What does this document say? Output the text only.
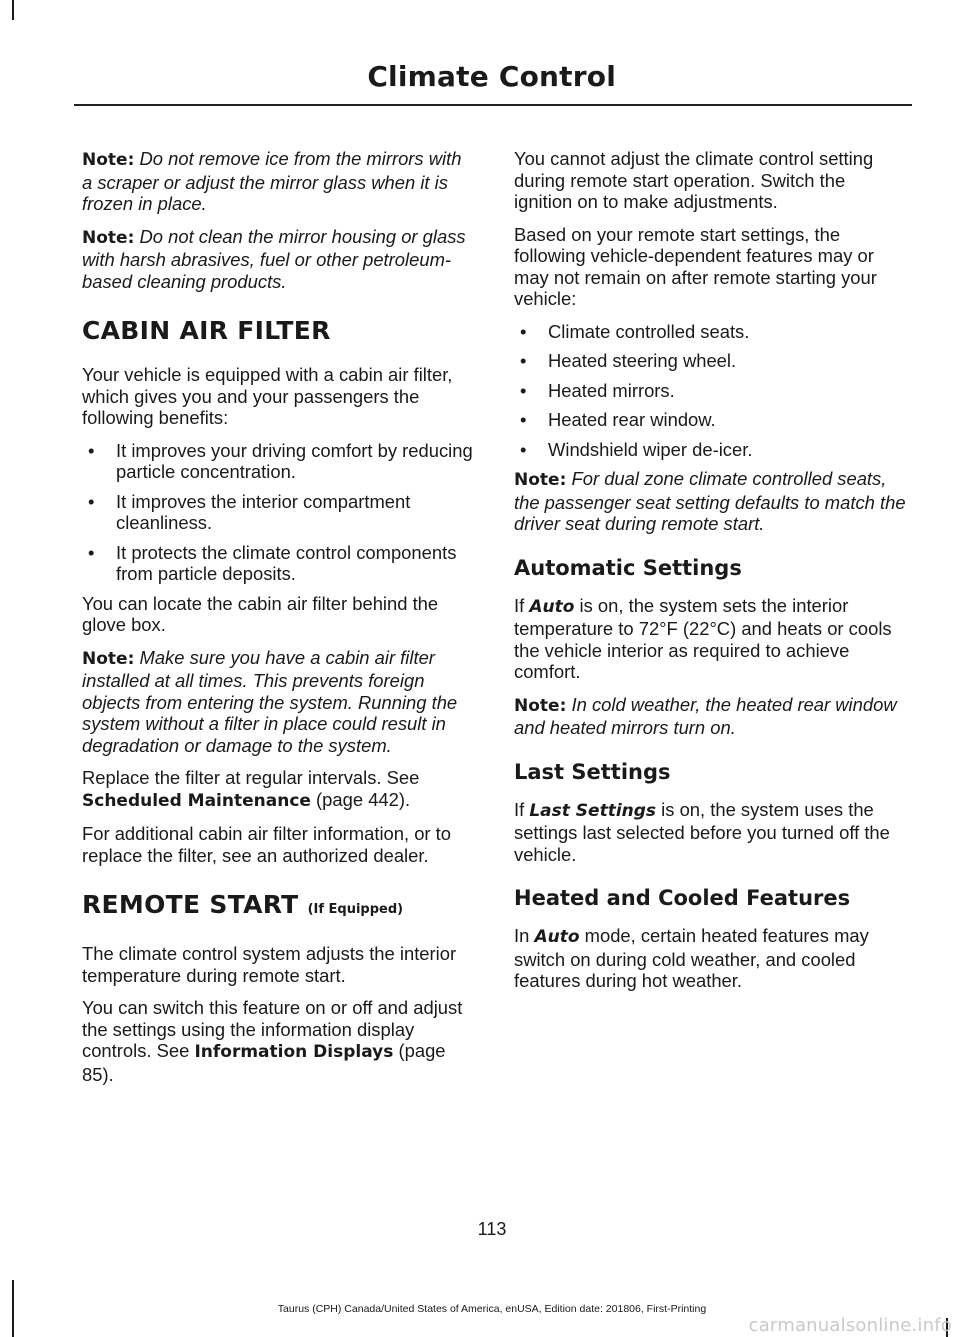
Climate Control

Note: Do not remove ice from the mirrors with a scraper or adjust the mirror glass when it is frozen in place.

Note: Do not clean the mirror housing or glass with harsh abrasives, fuel or other petroleum-based cleaning products.

CABIN AIR FILTER

Your vehicle is equipped with a cabin air filter, which gives you and your passengers the following benefits:

• It improves your driving comfort by reducing particle concentration.
• It improves the interior compartment cleanliness.
• It protects the climate control components from particle deposits.

You can locate the cabin air filter behind the glove box.

Note: Make sure you have a cabin air filter installed at all times. This prevents foreign objects from entering the system. Running the system without a filter in place could result in degradation or damage to the system.

Replace the filter at regular intervals. See Scheduled Maintenance (page 442).

For additional cabin air filter information, or to replace the filter, see an authorized dealer.

REMOTE START (If Equipped)

The climate control system adjusts the interior temperature during remote start.

You can switch this feature on or off and adjust the settings using the information display controls. See Information Displays (page 85).

You cannot adjust the climate control setting during remote start operation. Switch the ignition on to make adjustments.

Based on your remote start settings, the following vehicle-dependent features may or may not remain on after remote starting your vehicle:

• Climate controlled seats.
• Heated steering wheel.
• Heated mirrors.
• Heated rear window.
• Windshield wiper de-icer.

Note: For dual zone climate controlled seats, the passenger seat setting defaults to match the driver seat during remote start.

Automatic Settings

If Auto is on, the system sets the interior temperature to 72°F (22°C) and heats or cools the vehicle interior as required to achieve comfort.

Note: In cold weather, the heated rear window and heated mirrors turn on.

Last Settings

If Last Settings is on, the system uses the settings last selected before you turned off the vehicle.

Heated and Cooled Features

In Auto mode, certain heated features may switch on during cold weather, and cooled features during hot weather.

113
Taurus (CPH) Canada/United States of America, enUSA, Edition date: 201806, First-Printing
carmanualsonline.info
